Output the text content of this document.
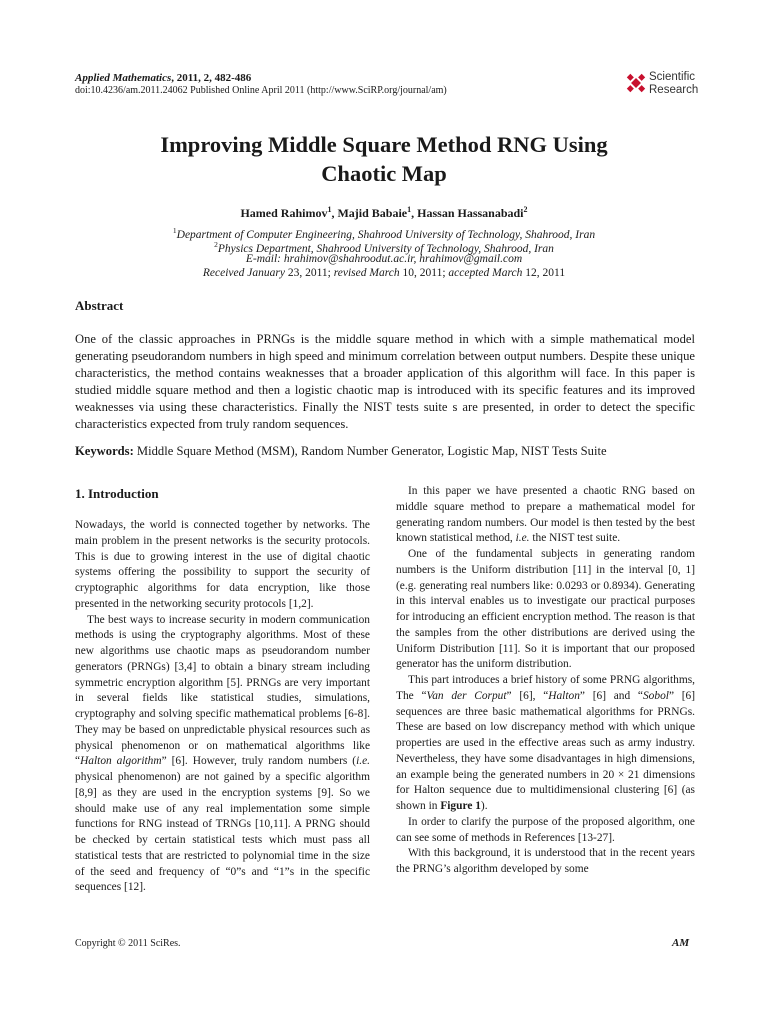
Applied Mathematics, 2011, 2, 482-486
doi:10.4236/am.2011.24062 Published Online April 2011 (http://www.SciRP.org/journal/am)
Scientific
Research
Improving Middle Square Method RNG Using
Chaotic Map
Hamed Rahimov$^1$, Majid Babaie$^1$, Hassan Hassanabadi$^2$
$^1$Department of Computer Engineering, Shahrood University of Technology, Shahrood, Iran
$^2$Physics Department, Shahrood University of Technology, Shahrood, Iran
E-mail: hrahimov@shahroodut.ac.ir, hrahimov@gmail.com
Received January 23, 2011; revised March 10, 2011; accepted March 12, 2011
Abstract
One of the classic approaches in PRNGs is the middle square method in which with a simple mathematical model generating pseudorandom numbers in high speed and minimum correlation between output numbers. Despite these unique characteristics, the method contains weaknesses that a broader application of this algorithm will face. In this paper is studied middle square method and then a logistic chaotic map is introduced with its specific features and its improved weaknesses via using these characteristics. Finally the NIST tests suite s are presented, in order to detect the specific characteristics expected from truly random sequences.
Keywords: Middle Square Method (MSM), Random Number Generator, Logistic Map, NIST Tests Suite
1. Introduction

Nowadays, the world is connected together by networks. The main problem in the present networks is the security protocols. This is due to growing interest in the use of digital chaotic systems offering the possibility to support the security of cryptographic algorithms for data encryption, like those presented in the networking security protocols [1,2].

The best ways to increase security in modern communication methods is using the cryptography algorithms. Most of these new algorithms use chaotic maps as pseudorandom number generators (PRNGs) [3,4] to obtain a binary stream including symmetric encryption algorithm [5]. PRNGs are very important in several fields like statistical studies, simulations, cryptography and solving specific mathematical problems [6-8]. They may be based on unpredictable physical resources such as physical phenomenon or on mathematical algorithms like “Halton algorithm” [6]. However, truly random numbers (i.e. physical phenomenon) are not gained by a specific algorithm [8,9] as they are used in the encryption systems [9]. So we should make use of any real implementation some simple functions for RNG instead of TRNGs [10,11]. A PRNG should be checked by certain statistical tests which must pass all statistical tests that are restricted to polynomial time in the size of the seed and frequency of “0”s and “1”s in the specific sequences [12].

In this paper we have presented a chaotic RNG based on middle square method to prepare a mathematical model for generating random numbers. Our model is then tested by the best known statistical method, i.e. the NIST test suite.

One of the fundamental subjects in generating random numbers is the Uniform distribution [11] in the interval [0, 1] (e.g. generating real numbers like: 0.0293 or 0.8934). Generating in this interval enables us to investigate our practical purposes for introducing an efficient encryption method. The reason is that the samples from the other distributions are derived using the Uniform Distribution [11]. So it is important that our proposed generator has the uniform distribution.

This part introduces a brief history of some PRNG algorithms, The “Van der Corput” [6], “Halton” [6] and “Sobol” [6] sequences are three basic mathematical algorithms for PRNGs. These are based on low discrepancy method with which unique properties are used in the effective areas such as army industry. Nevertheless, they have some disadvantages in high dimensions, an example being the generated numbers in 20 × 21 dimensions for Halton sequence due to multidimensional clustering [6] (as shown in Figure 1).

In order to clarify the purpose of the proposed algorithm, one can see some of methods in References [13-27].

With this background, it is understood that in the recent years the PRNG’s algorithm developed by some

Copyright © 2011 SciRes.	AM
